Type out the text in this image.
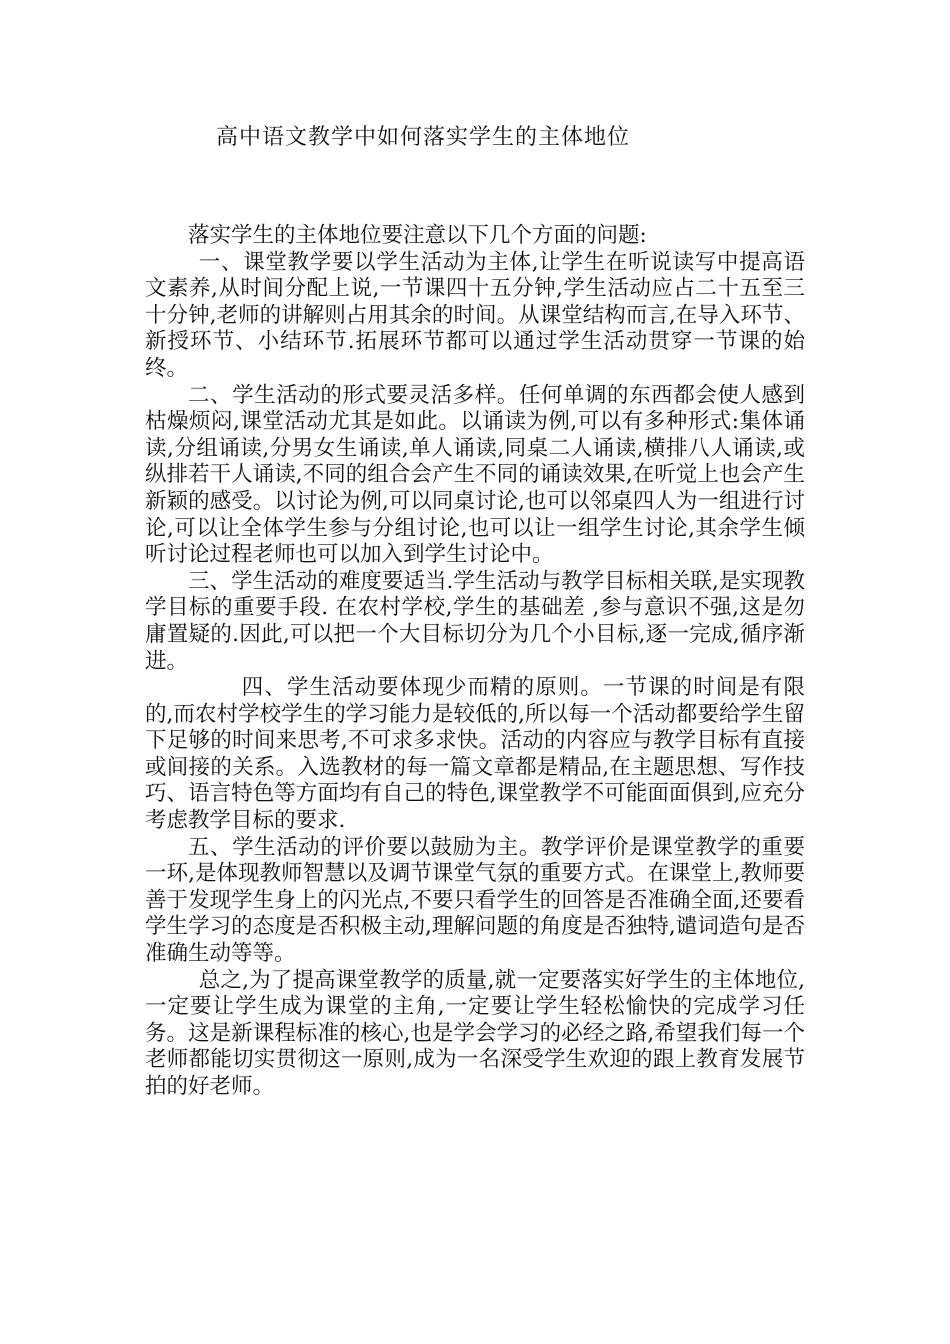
高中语文教学中如何落实学生的主体地位

落实学生的主体地位要注意以下几个方面的问题:

一、课堂教学要以学生活动为主体,让学生在听说读写中提高语文素养,从时间分配上说,一节课四十五分钟,学生活动应占二十五至三十分钟,老师的讲解则占用其余的时间。从课堂结构而言,在导入环节、新授环节、小结环节.拓展环节都可以通过学生活动贯穿一节课的始终。

二、学生活动的形式要灵活多样。任何单调的东西都会使人感到枯燥烦闷,课堂活动尤其是如此。以诵读为例,可以有多种形式:集体诵读,分组诵读,分男女生诵读,单人诵读,同桌二人诵读,横排八人诵读,或纵排若干人诵读,不同的组合会产生不同的诵读效果,在听觉上也会产生新颖的感受。以讨论为例,可以同桌讨论,也可以邻桌四人为一组进行讨论,可以让全体学生参与分组讨论,也可以让一组学生讨论,其余学生倾听讨论过程老师也可以加入到学生讨论中。

三、学生活动的难度要适当.学生活动与教学目标相关联,是实现教学目标的重要手段. 在农村学校,学生的基础差 ,参与意识不强,这是勿庸置疑的.因此,可以把一个大目标切分为几个小目标,逐一完成,循序渐进。

四、学生活动要体现少而精的原则。一节课的时间是有限的,而农村学校学生的学习能力是较低的,所以每一个活动都要给学生留下足够的时间来思考,不可求多求快。活动的内容应与教学目标有直接或间接的关系。入选教材的每一篇文章都是精品,在主题思想、写作技巧、语言特色等方面均有自己的特色,课堂教学不可能面面俱到,应充分考虑教学目标的要求.

五、学生活动的评价要以鼓励为主。教学评价是课堂教学的重要一环,是体现教师智慧以及调节课堂气氛的重要方式。在课堂上,教师要善于发现学生身上的闪光点,不要只看学生的回答是否准确全面,还要看学生学习的态度是否积极主动,理解问题的角度是否独特,谴词造句是否准确生动等等。

总之,为了提高课堂教学的质量,就一定要落实好学生的主体地位,一定要让学生成为课堂的主角,一定要让学生轻松愉快的完成学习任务。这是新课程标准的核心,也是学会学习的必经之路,希望我们每一个老师都能切实贯彻这一原则,成为一名深受学生欢迎的跟上教育发展节拍的好老师。
